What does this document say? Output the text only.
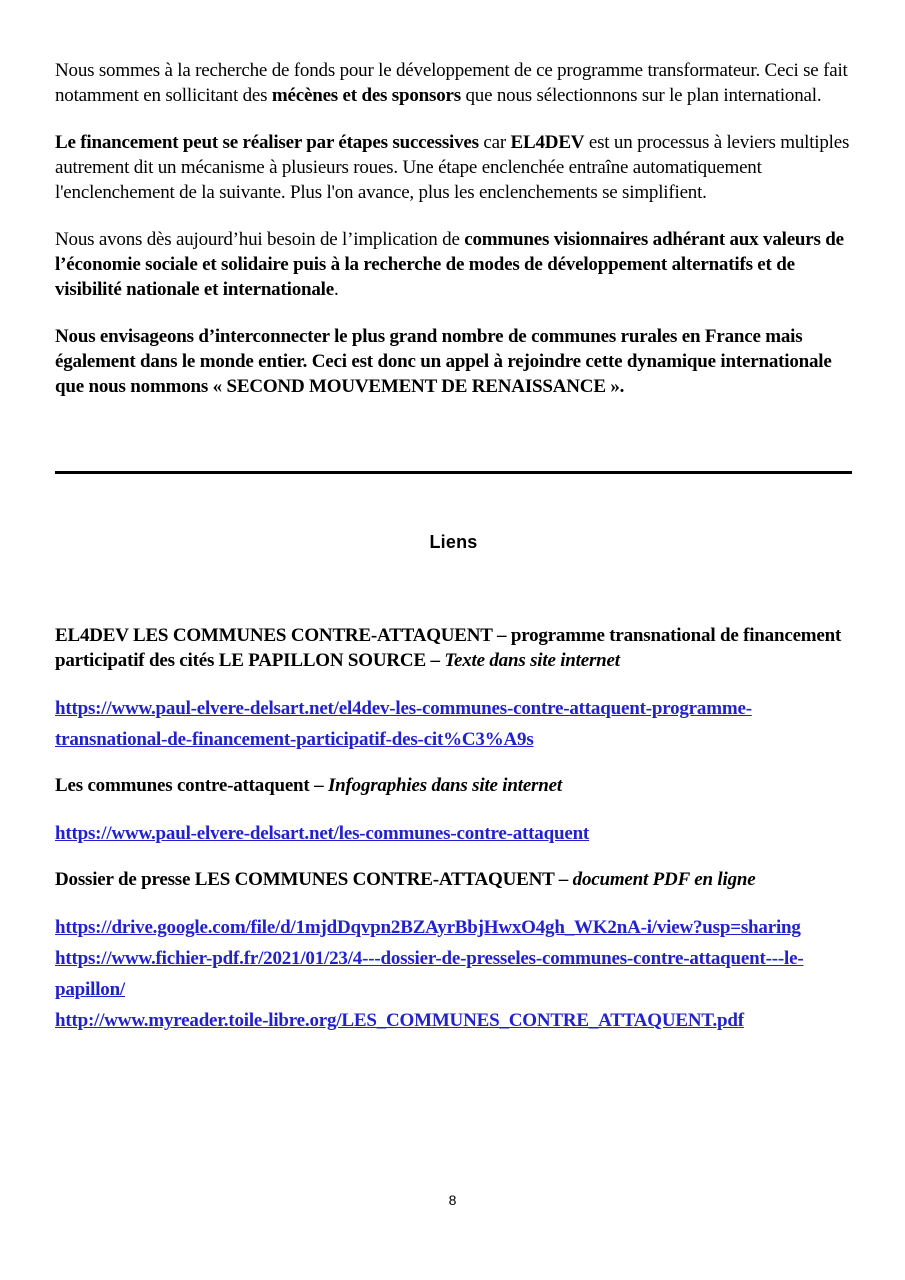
Nous sommes à la recherche de fonds pour le développement de ce programme transformateur. Ceci se fait notamment en sollicitant des mécènes et des sponsors que nous sélectionnons sur le plan international.

Le financement peut se réaliser par étapes successives car EL4DEV est un processus à leviers multiples autrement dit un mécanisme à plusieurs roues. Une étape enclenchée entraîne automatiquement l'enclenchement de la suivante. Plus l'on avance, plus les enclenchements se simplifient.

Nous avons dès aujourd’hui besoin de l’implication de communes visionnaires adhérant aux valeurs de l’économie sociale et solidaire puis à la recherche de modes de développement alternatifs et de visibilité nationale et internationale.

Nous envisageons d’interconnecter le plus grand nombre de communes rurales en France mais également dans le monde entier. Ceci est donc un appel à rejoindre cette dynamique internationale que nous nommons « SECOND MOUVEMENT DE RENAISSANCE ».

Liens

EL4DEV LES COMMUNES CONTRE-ATTAQUENT – programme transnational de financement participatif des cités LE PAPILLON SOURCE – Texte dans site internet

https://www.paul-elvere-delsart.net/el4dev-les-communes-contre-attaquent-programme-transnational-de-financement-participatif-des-cit%C3%A9s

Les communes contre-attaquent – Infographies dans site internet

https://www.paul-elvere-delsart.net/les-communes-contre-attaquent

Dossier de presse LES COMMUNES CONTRE-ATTAQUENT – document PDF en ligne

https://drive.google.com/file/d/1mjdDqvpn2BZAyrBbjHwxO4gh_WK2nA-i/view?usp=sharing
https://www.fichier-pdf.fr/2021/01/23/4---dossier-de-presseles-communes-contre-attaquent---le-papillon/
http://www.myreader.toile-libre.org/LES_COMMUNES_CONTRE_ATTAQUENT.pdf

8
